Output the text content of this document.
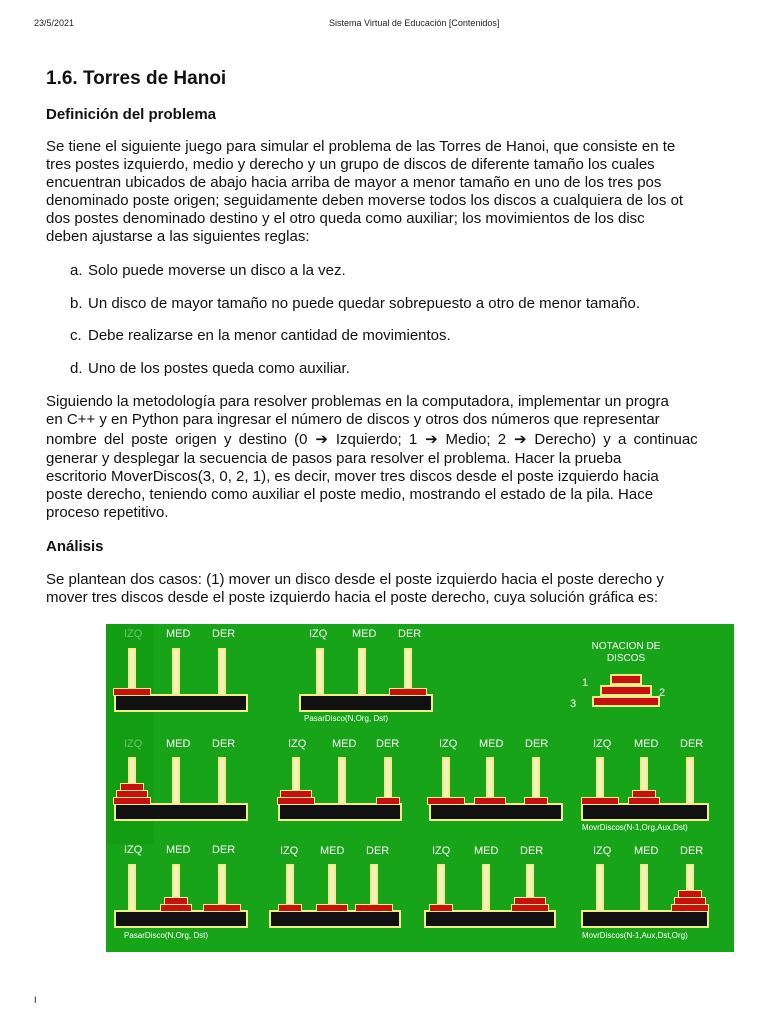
23/5/2021	Sistema Virtual de Educación [Contenidos]
1.6. Torres de Hanoi
Definición del problema
Se tiene el siguiente juego para simular el problema de las Torres de Hanoi, que consiste en te
tres postes izquierdo, medio y derecho y un grupo de discos de diferente tamaño los cuales
encuentran ubicados de abajo hacia arriba de mayor a menor tamaño en uno de los tres pos
denominado poste origen; seguidamente deben moverse todos los discos a cualquiera de los ot
dos postes denominado destino y el otro queda como auxiliar; los movimientos de los disc
deben ajustarse a las siguientes reglas:
a. Solo puede moverse un disco a la vez.
b. Un disco de mayor tamaño no puede quedar sobrepuesto a otro de menor tamaño.
c. Debe realizarse en la menor cantidad de movimientos.
d. Uno de los postes queda como auxiliar.
Siguiendo la metodología para resolver problemas en la computadora, implementar un progra
en C++ y en Python para ingresar el número de discos y otros dos números que representar
nombre del poste origen y destino (0 ➔ Izquierdo; 1 ➔ Medio; 2 ➔ Derecho) y a continuac
generar y desplegar la secuencia de pasos para resolver el problema. Hacer la prueba
escritorio MoverDiscos(3, 0, 2, 1), es decir, mover tres discos desde el poste izquierdo hacia
poste derecho, teniendo como auxiliar el poste medio, mostrando el estado de la pila. Hace
proceso repetitivo.
Análisis
Se plantean dos casos: (1) mover un disco desde el poste izquierdo hacia el poste derecho y
mover tres discos desde el poste izquierdo hacia el poste derecho, cuya solución gráfica es:
MED DER	IZQ MED DER
MED DER	IZQ MED DER	IZQ MED DER	IZQ MED DER
IZQ MED DER	IZQ MED DER	IZQ MED DER	IZQ MED DER
NOTACION DE
DISCOS
1
2
3
PasarDisco(N,Org, Dst)
MovrDiscos(N-1,Org,Aux,Dst)
PasarDisco(N,Org, Dst)	MovrDiscos(N-1,Aux,Dst,Org)
I
